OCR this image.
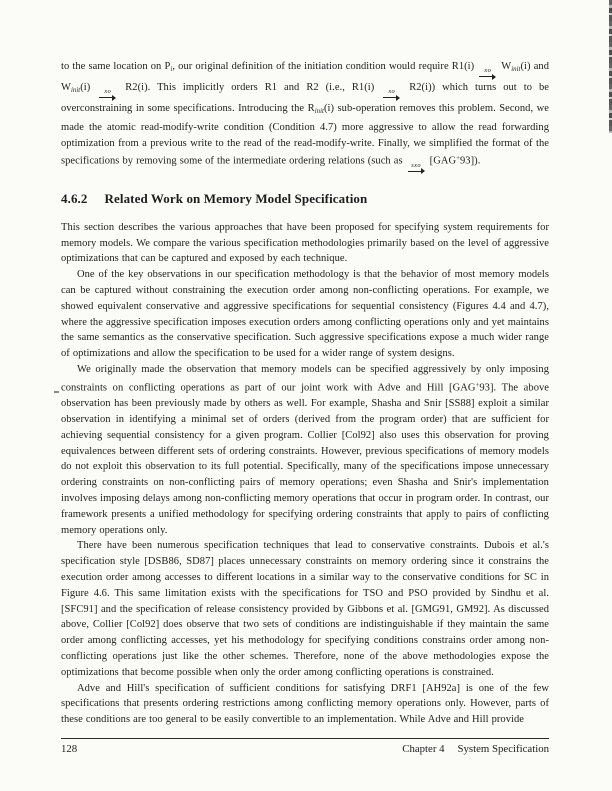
to the same location on $P_i$, our original definition of the initiation condition would require R1(i)	xo $W_{init}(i)$ and $W_{init}(i)$	xo R2(i). This implicitly orders R1 and R2 (i.e., R1(i)	xo R2(i)) which turns out to be overconstraining in some specifications. Introducing the $R_{init}(i)$ sub-operation removes this problem. Second, we made the atomic read-modify-write condition (Condition 4.7) more aggressive to allow the read forwarding optimization from a previous write to the read of the read-modify-write. Finally, we simplified the format of the specifications by removing some of the intermediate ordering relations (such as sxo [GAG+93]).

4.6.2 Related Work on Memory Model Specification

This section describes the various approaches that have been proposed for specifying system requirements for memory models. We compare the various specification methodologies primarily based on the level of aggressive optimizations that can be captured and exposed by each technique.

One of the key observations in our specification methodology is that the behavior of most memory models can be captured without constraining the execution order among non-conflicting operations. For example, we showed equivalent conservative and aggressive specifications for sequential consistency (Figures 4.4 and 4.7), where the aggressive specification imposes execution orders among conflicting operations only and yet maintains the same semantics as the conservative specification. Such aggressive specifications expose a much wider range of optimizations and allow the specification to be used for a wider range of system designs.

We originally made the observation that memory models can be specified aggressively by only imposing constraints on conflicting operations as part of our joint work with Adve and Hill [GAG+93]. The above observation has been previously made by others as well. For example, Shasha and Snir [SS88] exploit a similar observation in identifying a minimal set of orders (derived from the program order) that are sufficient for achieving sequential consistency for a given program. Collier [Col92] also uses this observation for proving equivalences between different sets of ordering constraints. However, previous specifications of memory models do not exploit this observation to its full potential. Specifically, many of the specifications impose unnecessary ordering constraints on non-conflicting pairs of memory operations; even Shasha and Snir's implementation involves imposing delays among non-conflicting memory operations that occur in program order. In contrast, our framework presents a unified methodology for specifying ordering constraints that apply to pairs of conflicting memory operations only.

There have been numerous specification techniques that lead to conservative constraints. Dubois et al.'s specification style [DSB86, SD87] places unnecessary constraints on memory ordering since it constrains the execution order among accesses to different locations in a similar way to the conservative conditions for SC in Figure 4.6. This same limitation exists with the specifications for TSO and PSO provided by Sindhu et al. [SFC91] and the specification of release consistency provided by Gibbons et al. [GMG91, GM92]. As discussed above, Collier [Col92] does observe that two sets of conditions are indistinguishable if they maintain the same order among conflicting accesses, yet his methodology for specifying conditions constrains order among non-conflicting operations just like the other schemes. Therefore, none of the above methodologies expose the optimizations that become possible when only the order among conflicting operations is constrained.

Adve and Hill's specification of sufficient conditions for satisfying DRF1 [AH92a] is one of the few specifications that presents ordering restrictions among conflicting memory operations only. However, parts of these conditions are too general to be easily convertible to an implementation. While Adve and Hill provide

128	Chapter 4 System Specification
